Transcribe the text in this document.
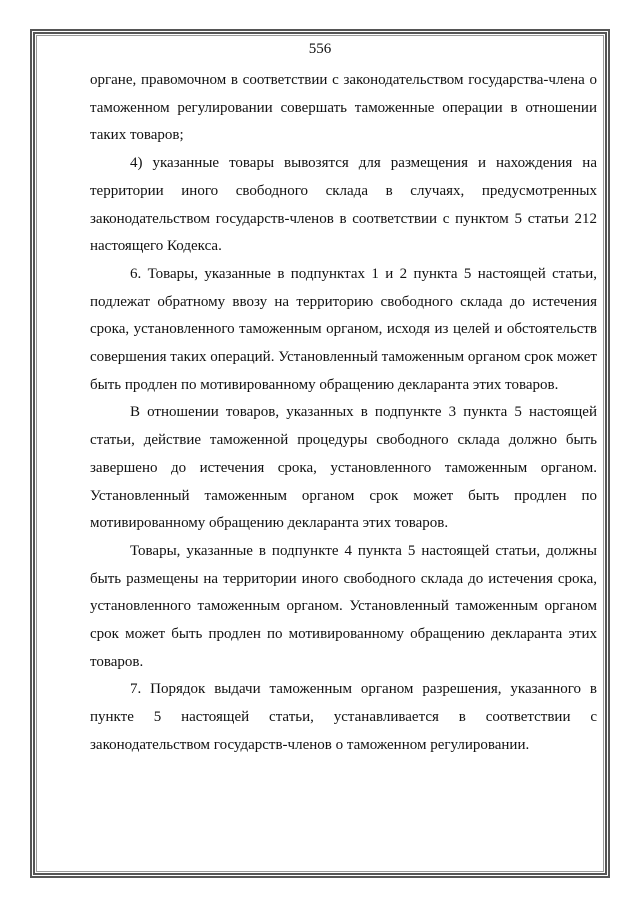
556

органе, правомочном в соответствии с законодательством государства-члена о таможенном регулировании совершать таможенные операции в отношении таких товаров;

4) указанные товары вывозятся для размещения и нахождения на территории иного свободного склада в случаях, предусмотренных законодательством государств-членов в соответствии с пунктом 5 статьи 212 настоящего Кодекса.

6. Товары, указанные в подпунктах 1 и 2 пункта 5 настоящей статьи, подлежат обратному ввозу на территорию свободного склада до истечения срока, установленного таможенным органом, исходя из целей и обстоятельств совершения таких операций. Установленный таможенным органом срок может быть продлен по мотивированному обращению декларанта этих товаров.

В отношении товаров, указанных в подпункте 3 пункта 5 настоящей статьи, действие таможенной процедуры свободного склада должно быть завершено до истечения срока, установленного таможенным органом. Установленный таможенным органом срок может быть продлен по мотивированному обращению декларанта этих товаров.

Товары, указанные в подпункте 4 пункта 5 настоящей статьи, должны быть размещены на территории иного свободного склада до истечения срока, установленного таможенным органом. Установленный таможенным органом срок может быть продлен по мотивированному обращению декларанта этих товаров.

7. Порядок выдачи таможенным органом разрешения, указанного в пункте 5 настоящей статьи, устанавливается в соответствии с законодательством государств-членов о таможенном регулировании.
